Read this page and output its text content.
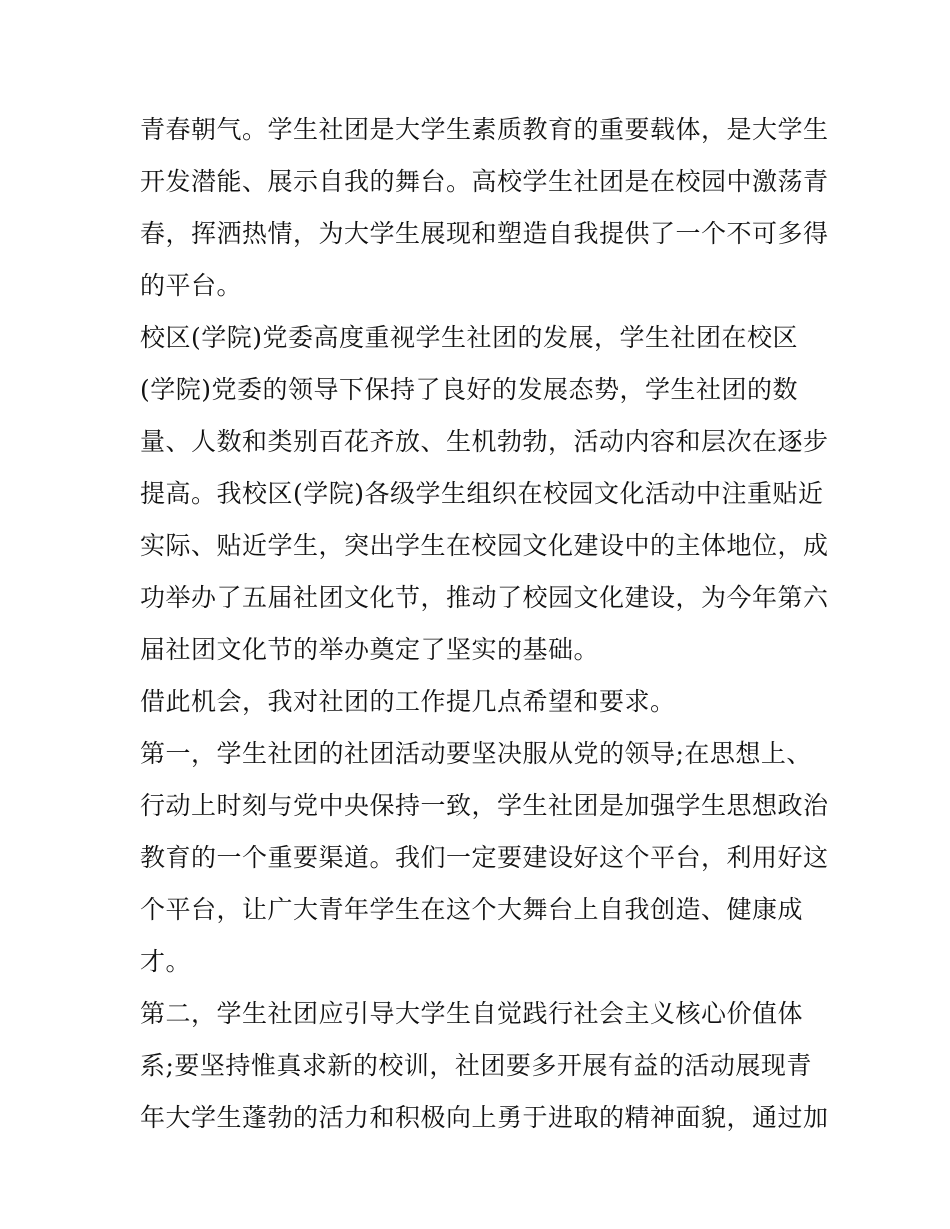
青春朝气。学生社团是大学生素质教育的重要载体，是大学生
开发潜能、展示自我的舞台。高校学生社团是在校园中激荡青
春，挥洒热情，为大学生展现和塑造自我提供了一个不可多得
的平台。
校区(学院)党委高度重视学生社团的发展，学生社团在校区
(学院)党委的领导下保持了良好的发展态势，学生社团的数
量、人数和类别百花齐放、生机勃勃，活动内容和层次在逐步
提高。我校区(学院)各级学生组织在校园文化活动中注重贴近
实际、贴近学生，突出学生在校园文化建设中的主体地位，成
功举办了五届社团文化节，推动了校园文化建设，为今年第六
届社团文化节的举办奠定了坚实的基础。
借此机会，我对社团的工作提几点希望和要求。
第一，学生社团的社团活动要坚决服从党的领导;在思想上、
行动上时刻与党中央保持一致，学生社团是加强学生思想政治
教育的一个重要渠道。我们一定要建设好这个平台，利用好这
个平台，让广大青年学生在这个大舞台上自我创造、健康成
才。
第二，学生社团应引导大学生自觉践行社会主义核心价值体
系;要坚持惟真求新的校训，社团要多开展有益的活动展现青
年大学生蓬勃的活力和积极向上勇于进取的精神面貌，通过加
